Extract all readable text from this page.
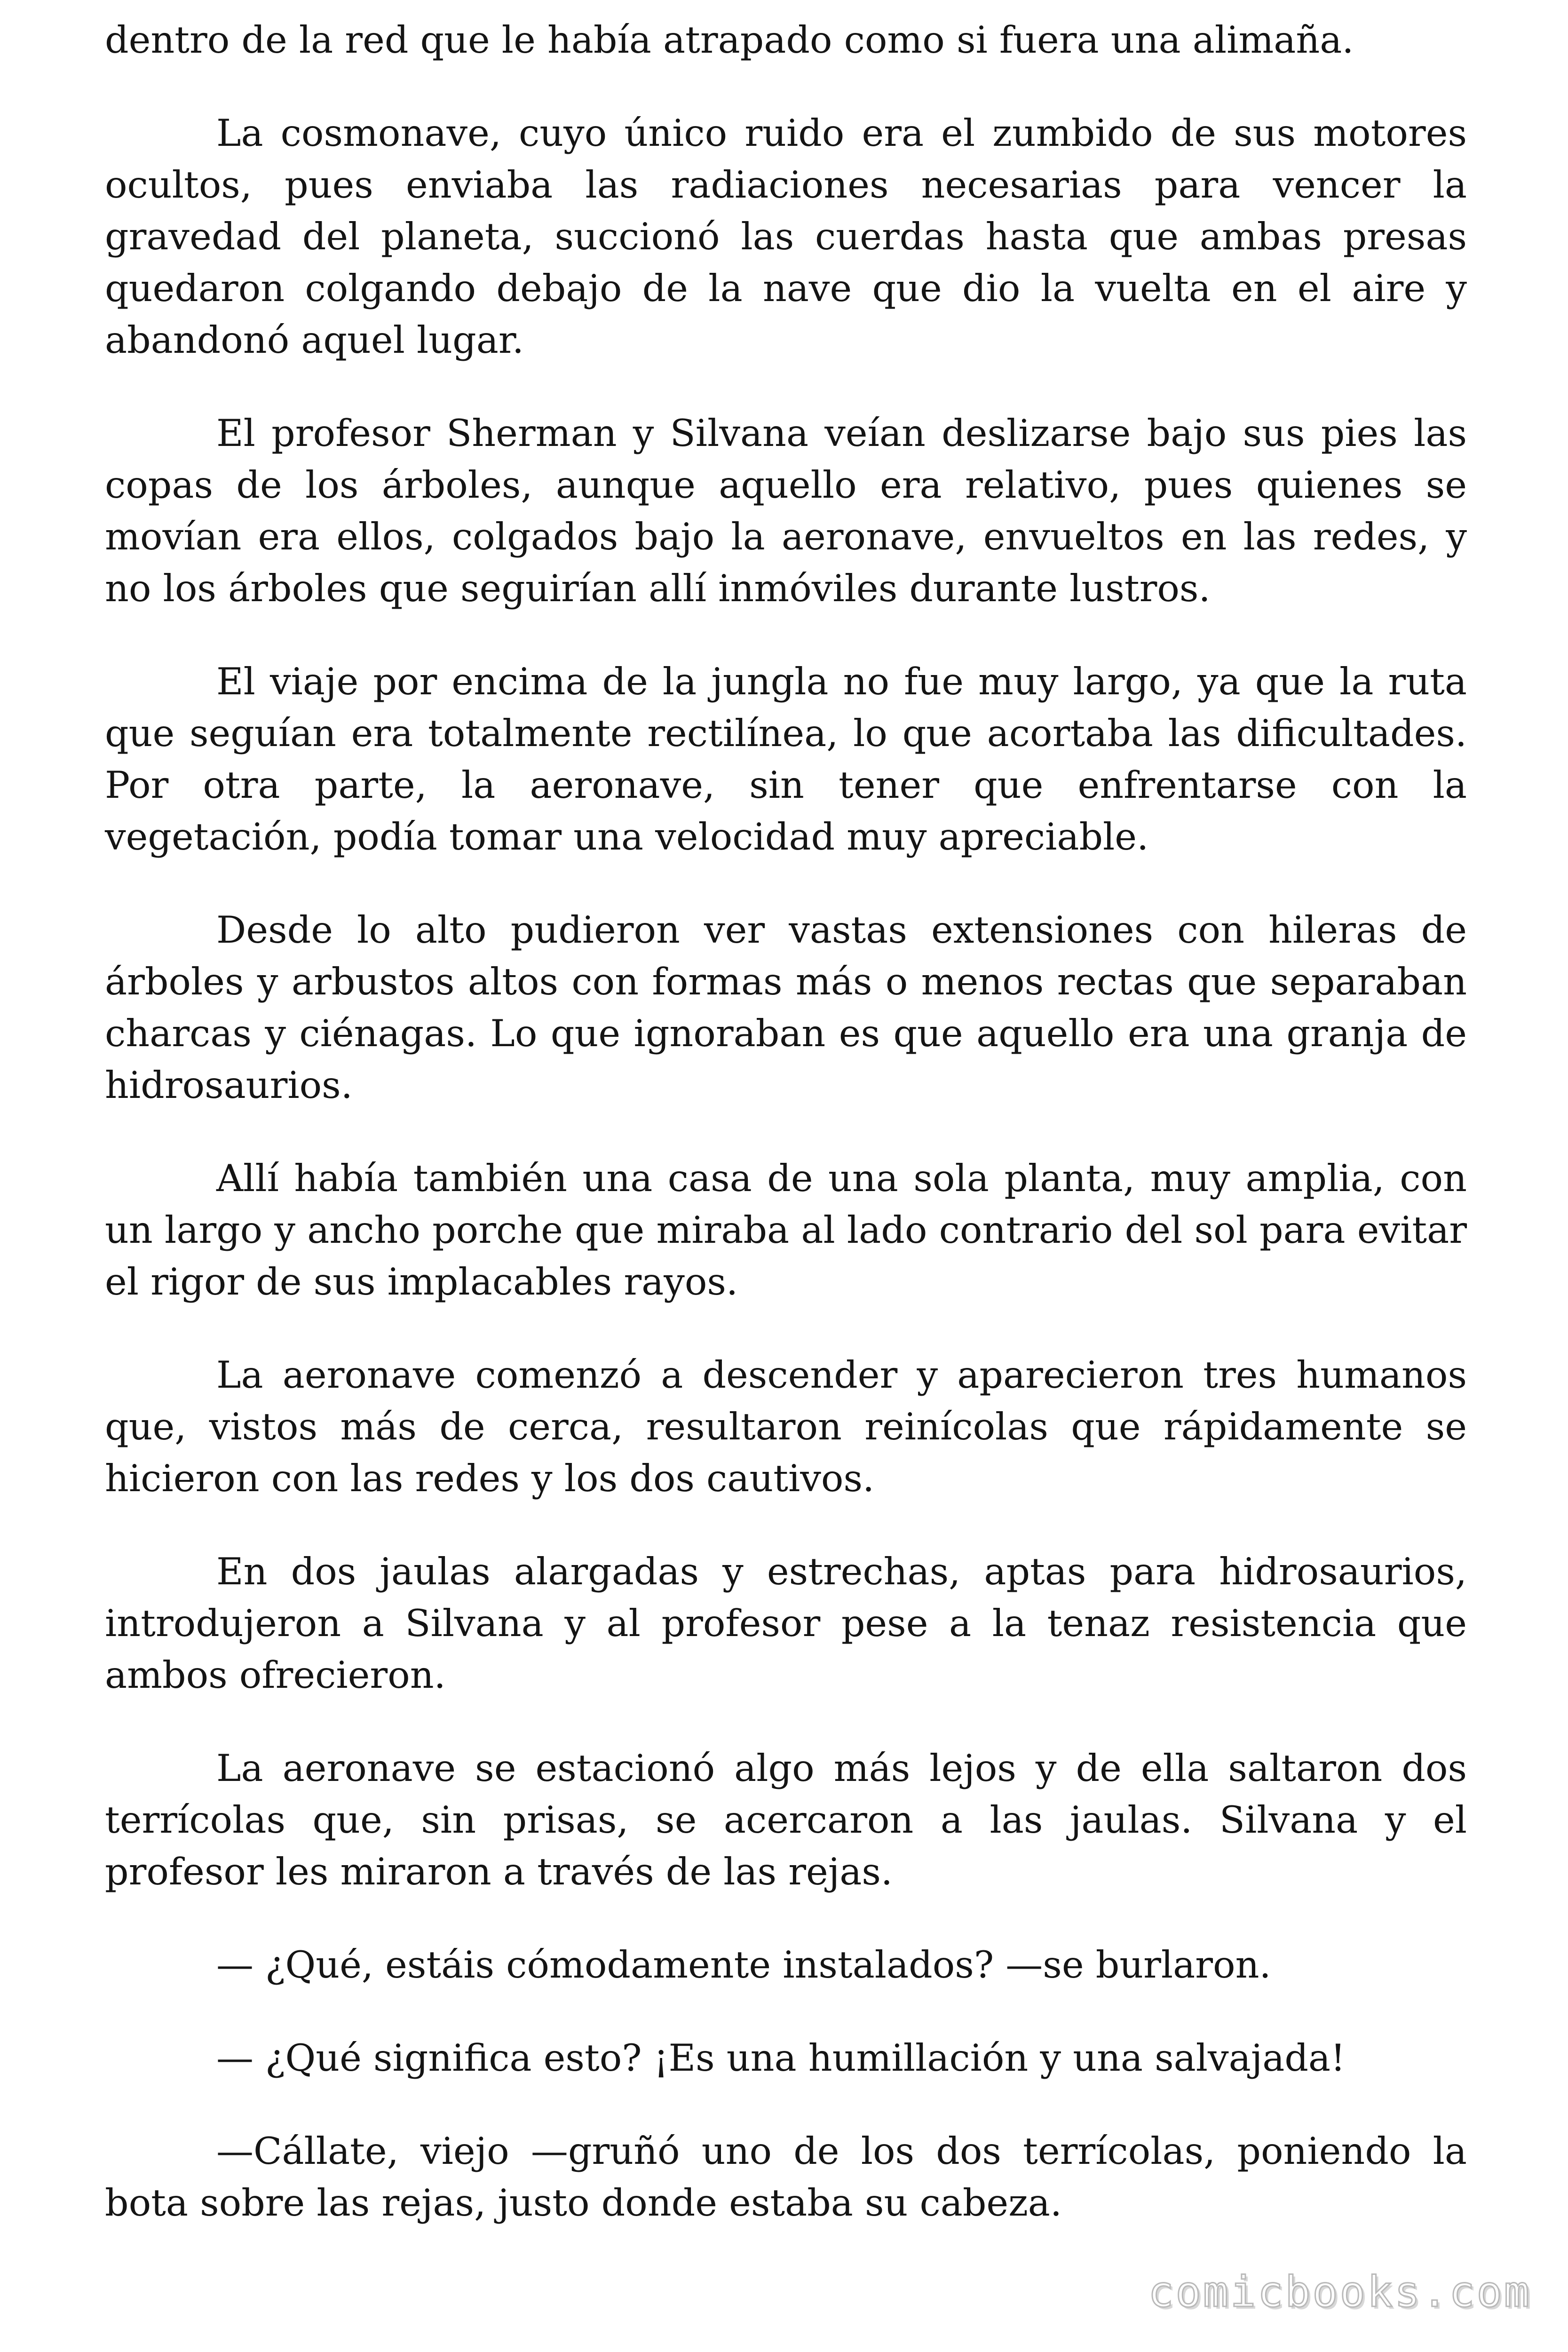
dentro de la red que le había atrapado como si fuera una alimaña.

La cosmonave, cuyo único ruido era el zumbido de sus motores ocultos, pues enviaba las radiaciones necesarias para vencer la gravedad del planeta, succionó las cuerdas hasta que ambas presas quedaron colgando debajo de la nave que dio la vuelta en el aire y abandonó aquel lugar.

El profesor Sherman y Silvana veían deslizarse bajo sus pies las copas de los árboles, aunque aquello era relativo, pues quienes se movían era ellos, colgados bajo la aeronave, envueltos en las redes, y no los árboles que seguirían allí inmóviles durante lustros.

El viaje por encima de la jungla no fue muy largo, ya que la ruta que seguían era totalmente rectilínea, lo que acortaba las dificultades. Por otra parte, la aeronave, sin tener que enfrentarse con la vegetación, podía tomar una velocidad muy apreciable.

Desde lo alto pudieron ver vastas extensiones con hileras de árboles y arbustos altos con formas más o menos rectas que separaban charcas y ciénagas. Lo que ignoraban es que aquello era una granja de hidrosaurios.

Allí había también una casa de una sola planta, muy amplia, con un largo y ancho porche que miraba al lado contrario del sol para evitar el rigor de sus implacables rayos.

La aeronave comenzó a descender y aparecieron tres humanos que, vistos más de cerca, resultaron reinícolas que rápidamente se hicieron con las redes y los dos cautivos.

En dos jaulas alargadas y estrechas, aptas para hidrosaurios, introdujeron a Silvana y al profesor pese a la tenaz resistencia que ambos ofrecieron.

La aeronave se estacionó algo más lejos y de ella saltaron dos terrícolas que, sin prisas, se acercaron a las jaulas. Silvana y el profesor les miraron a través de las rejas.

— ¿Qué, estáis cómodamente instalados? —se burlaron.

— ¿Qué significa esto? ¡Es una humillación y una salvajada!

—Cállate, viejo —gruñó uno de los dos terrícolas, poniendo la bota sobre las rejas, justo donde estaba su cabeza.

comicbooks.com
